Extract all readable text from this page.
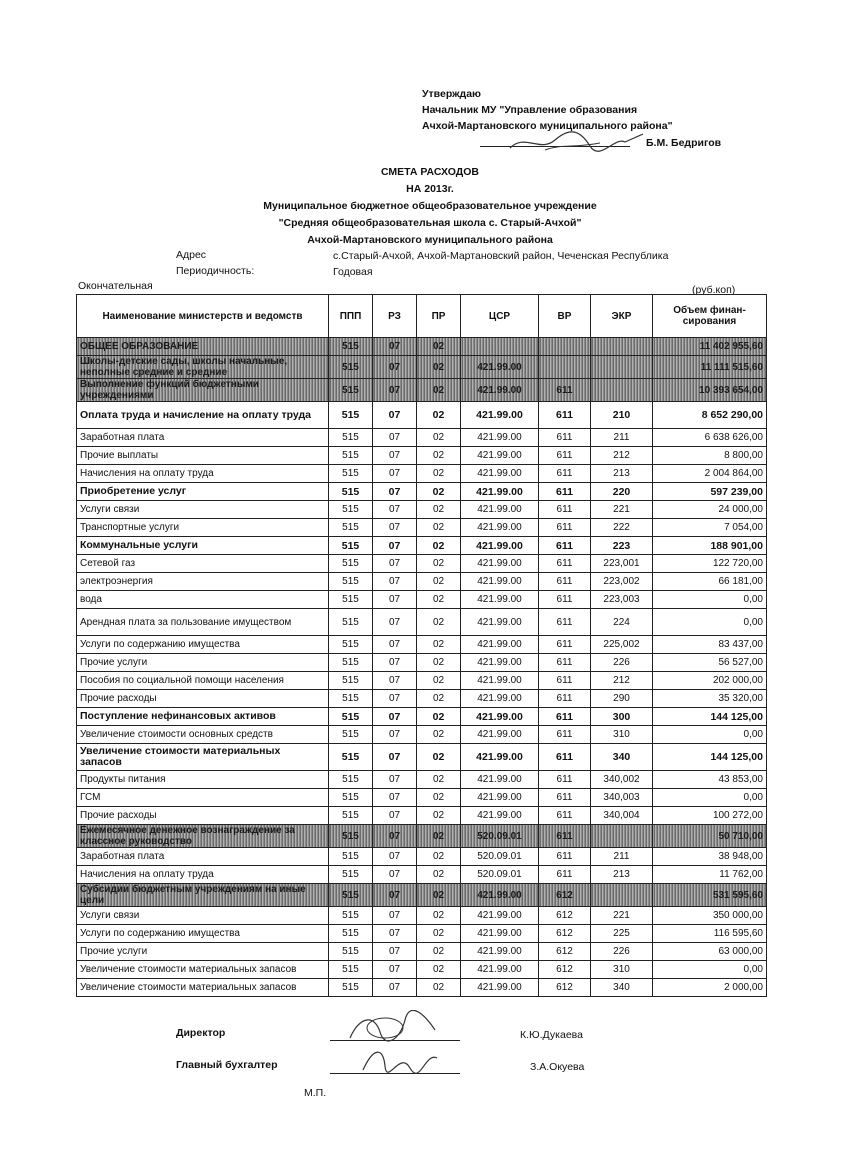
Утверждаю
Начальник МУ "Управление образования
Ачхой-Мартановского муниципального района"
Б.М. Бедригов
СМЕТА РАСХОДОВ
НА 2013г.
Муниципальное бюджетное общеобразовательное учреждение
"Средняя общеобразовательная школа с. Старый-Ачхой"
Ачхой-Мартановского муниципального района
Адрес	с.Старый-Ачхой, Ачхой-Мартановский район, Чеченская Республика
Периодичность:	Годовая
Окончательная	(руб.коп)
Наименование министерств и ведомств	ППП	РЗ	ПР	ЦСР	ВР	ЭКР	Объем финан-сирования
ОБЩЕЕ ОБРАЗОВАНИЕ	515	07	02				11 402 955,60
Школы-детские сады, школы начальные, неполные средние и средние	515	07	02	421.99.00			11 111 515,60
Выполнение функций бюджетными учреждениями	515	07	02	421.99.00	611		10 393 654,00
Оплата труда и начисление на оплату труда	515	07	02	421.99.00	611	210	8 652 290,00
Заработная плата	515	07	02	421.99.00	611	211	6 638 626,00
Прочие выплаты	515	07	02	421.99.00	611	212	8 800,00
Начисления на оплату труда	515	07	02	421.99.00	611	213	2 004 864,00
Приобретение услуг	515	07	02	421.99.00	611	220	597 239,00
Услуги связи	515	07	02	421.99.00	611	221	24 000,00
Транспортные услуги	515	07	02	421.99.00	611	222	7 054,00
Коммунальные услуги	515	07	02	421.99.00	611	223	188 901,00
Сетевой газ	515	07	02	421.99.00	611	223,001	122 720,00
электроэнергия	515	07	02	421.99.00	611	223,002	66 181,00
вода	515	07	02	421.99.00	611	223,003	0,00
Арендная плата за пользование имуществом	515	07	02	421.99.00	611	224	0,00
Услуги по содержанию имущества	515	07	02	421.99.00	611	225,002	83 437,00
Прочие услуги	515	07	02	421.99.00	611	226	56 527,00
Пособия по социальной помощи населения	515	07	02	421.99.00	611	212	202 000,00
Прочие расходы	515	07	02	421.99.00	611	290	35 320,00
Поступление нефинансовых активов	515	07	02	421.99.00	611	300	144 125,00
Увеличение стоимости основных средств	515	07	02	421.99.00	611	310	0,00
Увеличение стоимости материальных запасов	515	07	02	421.99.00	611	340	144 125,00
Продукты питания	515	07	02	421.99.00	611	340,002	43 853,00
ГСМ	515	07	02	421.99.00	611	340,003	0,00
Прочие расходы	515	07	02	421.99.00	611	340,004	100 272,00
Ежемесячное денежное вознаграждение за классное руководство	515	07	02	520.09.01	611		50 710,00
Заработная плата	515	07	02	520.09.01	611	211	38 948,00
Начисления на оплату труда	515	07	02	520.09.01	611	213	11 762,00
Субсидии бюджетным учреждениям на иные цели	515	07	02	421.99.00	612		531 595,60
Услуги связи	515	07	02	421.99.00	612	221	350 000,00
Услуги по содержанию имущества	515	07	02	421.99.00	612	225	116 595,60
Прочие услуги	515	07	02	421.99.00	612	226	63 000,00
Увеличение стоимости материальных запасов	515	07	02	421.99.00	612	310	0,00
Увеличение стоимости материальных запасов	515	07	02	421.99.00	612	340	2 000,00
Директор	К.Ю.Дукаева
Главный бухгалтер	З.А.Окуева
М.П.
